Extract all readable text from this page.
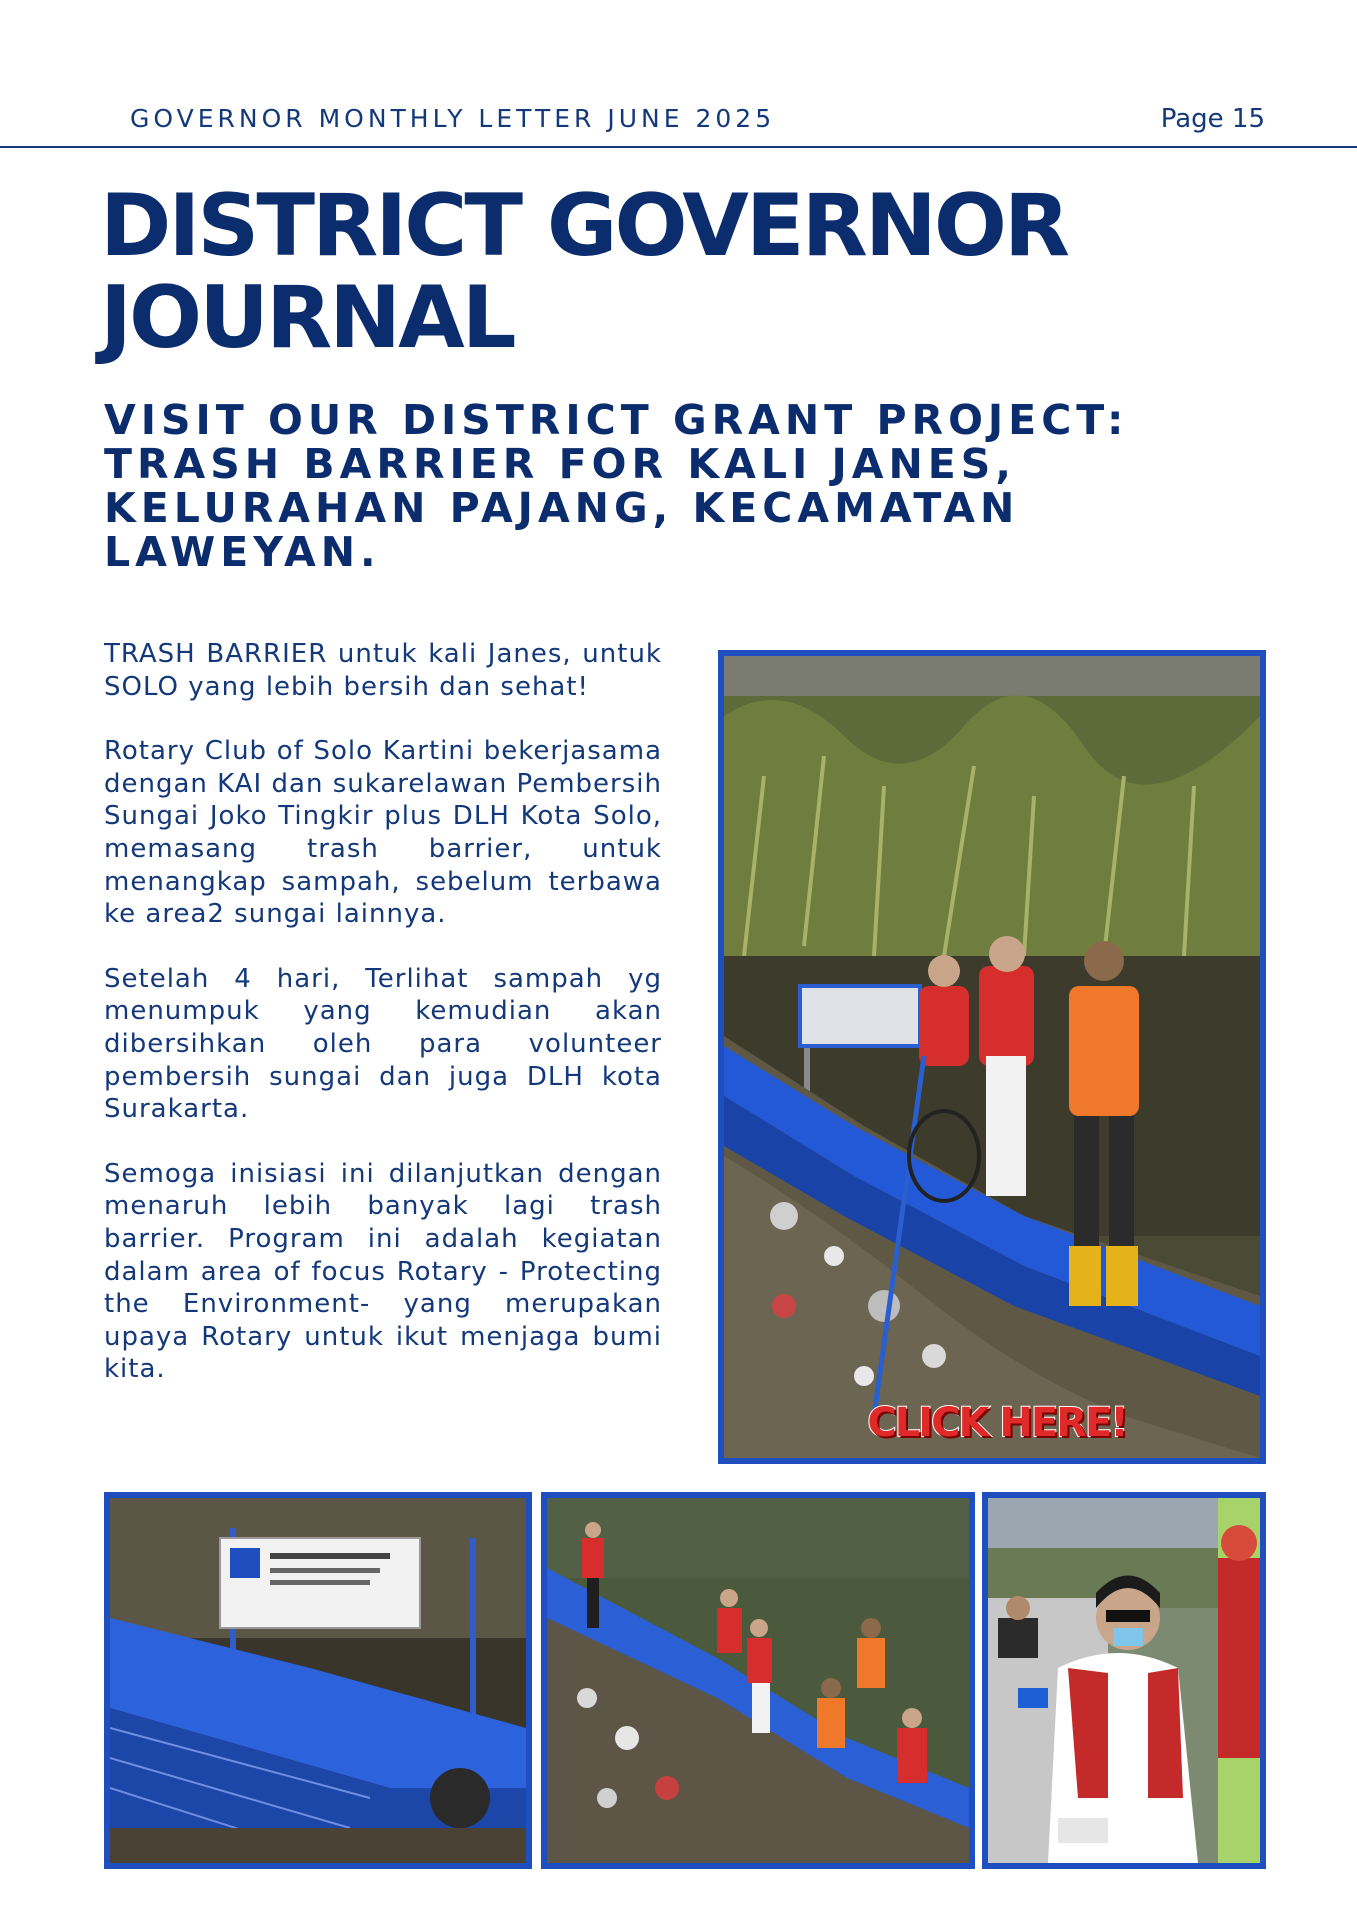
GOVERNOR MONTHLY LETTER JUNE 2025	Page 15
DISTRICT GOVERNOR
JOURNAL
VISIT OUR DISTRICT GRANT PROJECT:
TRASH BARRIER FOR KALI JANES,
KELURAHAN PAJANG, KECAMATAN
LAWEYAN.

TRASH BARRIER untuk kali Janes, untuk SOLO yang lebih bersih dan sehat!

Rotary Club of Solo Kartini bekerjasama dengan KAI dan sukarelawan Pembersih Sungai Joko Tingkir plus DLH Kota Solo, memasang trash barrier, untuk menangkap sampah, sebelum terbawa ke area2 sungai lainnya.

Setelah 4 hari, Terlihat sampah yg menumpuk yang kemudian akan dibersihkan oleh para volunteer pembersih sungai dan juga DLH kota Surakarta.

Semoga inisiasi ini dilanjutkan dengan menaruh lebih banyak lagi trash barrier. Program ini adalah kegiatan dalam area of focus Rotary - Protecting the Environment- yang merupakan upaya Rotary untuk ikut menjaga bumi kita.

CLICK HERE!
